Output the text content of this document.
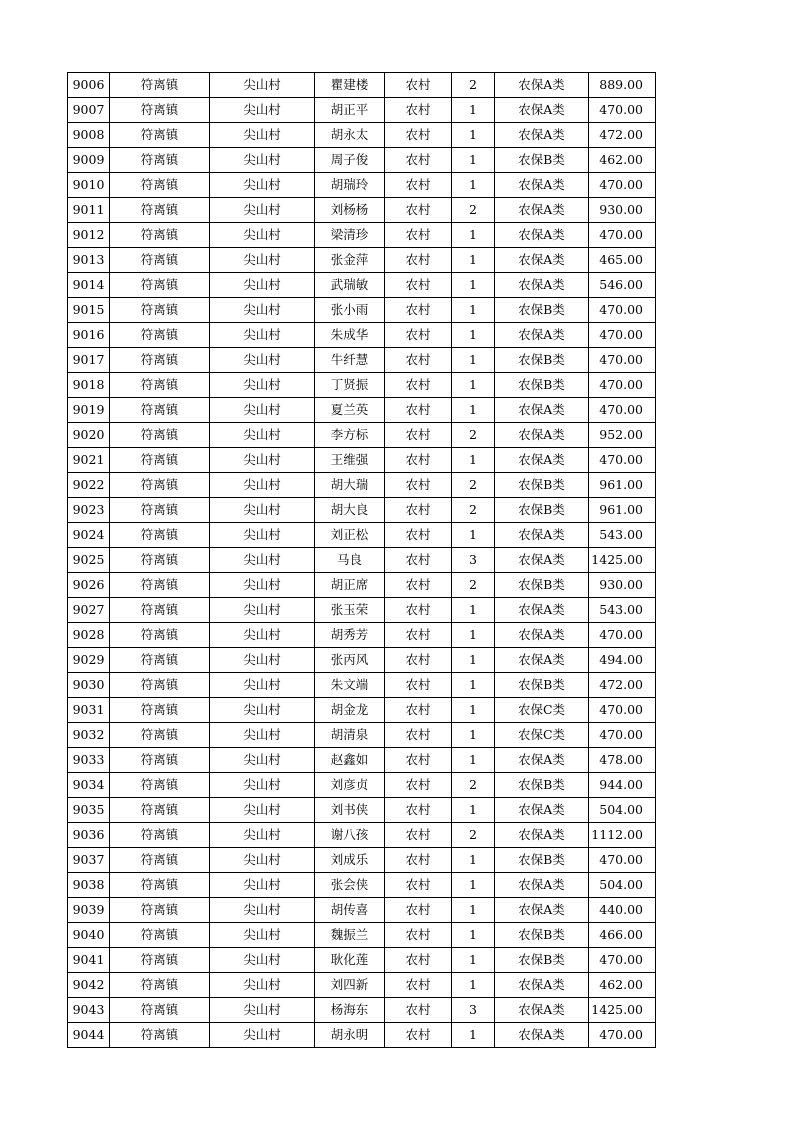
9006	符离镇	尖山村	瞿建楼	农村	2	农保A类	889.00
9007	符离镇	尖山村	胡正平	农村	1	农保A类	470.00
9008	符离镇	尖山村	胡永太	农村	1	农保A类	472.00
9009	符离镇	尖山村	周子俊	农村	1	农保B类	462.00
9010	符离镇	尖山村	胡瑞玲	农村	1	农保A类	470.00
9011	符离镇	尖山村	刘杨杨	农村	2	农保A类	930.00
9012	符离镇	尖山村	梁清珍	农村	1	农保A类	470.00
9013	符离镇	尖山村	张金萍	农村	1	农保A类	465.00
9014	符离镇	尖山村	武瑞敏	农村	1	农保A类	546.00
9015	符离镇	尖山村	张小雨	农村	1	农保B类	470.00
9016	符离镇	尖山村	朱成华	农村	1	农保A类	470.00
9017	符离镇	尖山村	牛纤慧	农村	1	农保B类	470.00
9018	符离镇	尖山村	丁贤振	农村	1	农保B类	470.00
9019	符离镇	尖山村	夏兰英	农村	1	农保A类	470.00
9020	符离镇	尖山村	李方标	农村	2	农保A类	952.00
9021	符离镇	尖山村	王维强	农村	1	农保A类	470.00
9022	符离镇	尖山村	胡大瑞	农村	2	农保B类	961.00
9023	符离镇	尖山村	胡大良	农村	2	农保B类	961.00
9024	符离镇	尖山村	刘正松	农村	1	农保A类	543.00
9025	符离镇	尖山村	马良	农村	3	农保A类	1425.00
9026	符离镇	尖山村	胡正席	农村	2	农保B类	930.00
9027	符离镇	尖山村	张玉荣	农村	1	农保A类	543.00
9028	符离镇	尖山村	胡秀芳	农村	1	农保A类	470.00
9029	符离镇	尖山村	张丙风	农村	1	农保A类	494.00
9030	符离镇	尖山村	朱文端	农村	1	农保B类	472.00
9031	符离镇	尖山村	胡金龙	农村	1	农保C类	470.00
9032	符离镇	尖山村	胡清泉	农村	1	农保C类	470.00
9033	符离镇	尖山村	赵鑫如	农村	1	农保A类	478.00
9034	符离镇	尖山村	刘彦贞	农村	2	农保B类	944.00
9035	符离镇	尖山村	刘书侠	农村	1	农保A类	504.00
9036	符离镇	尖山村	谢八孩	农村	2	农保A类	1112.00
9037	符离镇	尖山村	刘成乐	农村	1	农保B类	470.00
9038	符离镇	尖山村	张会侠	农村	1	农保A类	504.00
9039	符离镇	尖山村	胡传喜	农村	1	农保A类	440.00
9040	符离镇	尖山村	魏振兰	农村	1	农保B类	466.00
9041	符离镇	尖山村	耿化莲	农村	1	农保B类	470.00
9042	符离镇	尖山村	刘四新	农村	1	农保A类	462.00
9043	符离镇	尖山村	杨海东	农村	3	农保A类	1425.00
9044	符离镇	尖山村	胡永明	农村	1	农保A类	470.00
